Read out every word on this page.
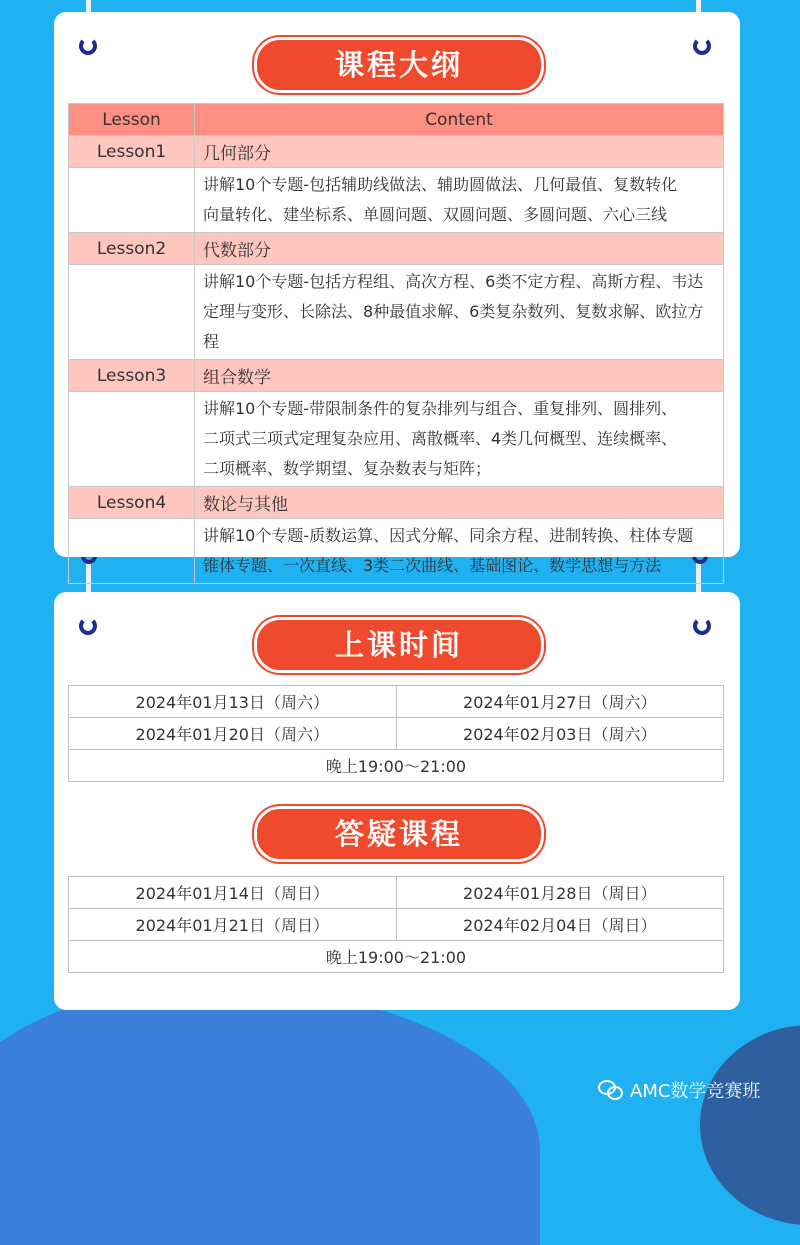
课程大纲
Lesson	Content
Lesson1	几何部分

	讲解10个专题-包括辅助线做法、辅助圆做法、几何最值、复数转化
向量转化、建坐标系、单圆问题、双圆问题、多圆问题、六心三线

Lesson2	代数部分

	讲解10个专题-包括方程组、高次方程、6类不定方程、高斯方程、韦达
定理与变形、长除法、8种最值求解、6类复杂数列、复数求解、欧拉方程

Lesson3	组合数学

	讲解10个专题-带限制条件的复杂排列与组合、重复排列、圆排列、
二项式三项式定理复杂应用、离散概率、4类几何概型、连续概率、
二项概率、数学期望、复杂数表与矩阵；

Lesson4	数论与其他

	讲解10个专题-质数运算、因式分解、同余方程、进制转换、柱体专题
锥体专题、一次直线、3类二次曲线、基础图论、数学思想与方法
上课时间
2024年01月13日（周六）	2024年01月27日（周六）
2024年01月20日（周六）	2024年02月03日（周六）
晚上19:00～21:00	
答疑课程
2024年01月14日（周日）	2024年01月28日（周日）
2024年01月21日（周日）	2024年02月04日（周日）
晚上19:00～21:00	
AMC数学竞赛班
